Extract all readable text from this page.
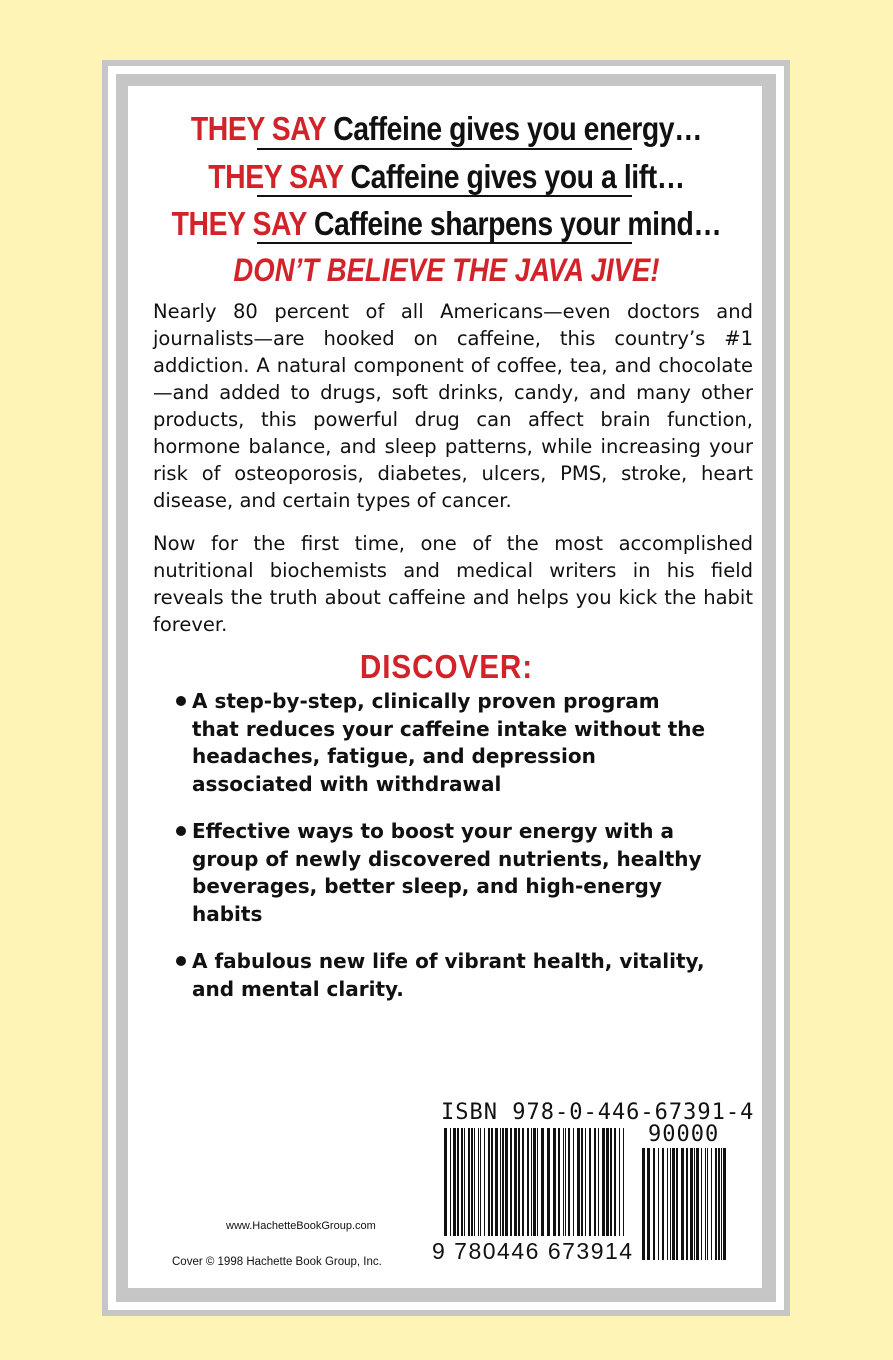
THEY SAY Caffeine gives you energy…
THEY SAY Caffeine gives you a lift…
THEY SAY Caffeine sharpens your mind…
DON’T BELIEVE THE JAVA JIVE!

Nearly 80 percent of all Americans—even doctors and journalists—are hooked on caffeine, this country’s #1 addiction. A natural component of coffee, tea, and chocolate—and added to drugs, soft drinks, candy, and many other products, this powerful drug can affect brain function, hormone balance, and sleep patterns, while increasing your risk of osteoporosis, diabetes, ulcers, PMS, stroke, heart disease, and certain types of cancer.

Now for the first time, one of the most accomplished nutritional biochemists and medical writers in his field reveals the truth about caffeine and helps you kick the habit forever.

DISCOVER:
A step-by-step, clinically proven program that reduces your caffeine intake without the headaches, fatigue, and depression associated with withdrawal
Effective ways to boost your energy with a group of newly discovered nutrients, healthy beverages, better sleep, and high-energy habits
A fabulous new life of vibrant health, vitality, and mental clarity.
ISBN 978-0-446-67391-4
90000
9 780446 673914
www.HachetteBookGroup.com
Cover © 1998 Hachette Book Group, Inc.
